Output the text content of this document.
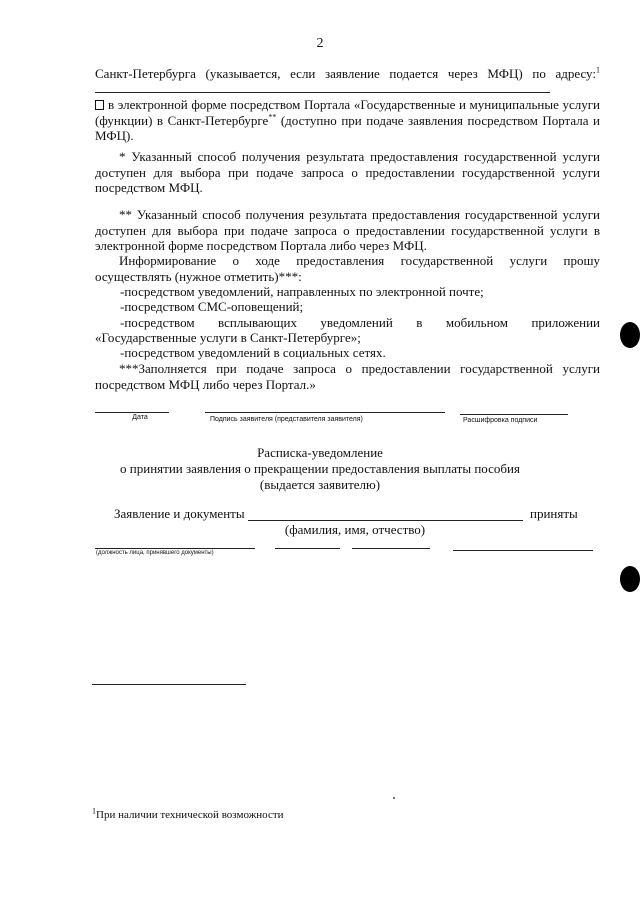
2
Санкт-Петербурга (указывается, если заявление подается через МФЦ) по адресу:$^1$
в электронной форме посредством Портала «Государственные и муниципальные услуги (функции) в Санкт-Петербурге** (доступно при подаче заявления посредством Портала и МФЦ).
* Указанный способ получения результата предоставления государственной услуги доступен для выбора при подаче запроса о предоставлении государственной услуги посредством МФЦ.
** Указанный способ получения результата предоставления государственной услуги доступен для выбора при подаче запроса о предоставлении государственной услуги в электронной форме посредством Портала либо через МФЦ.
Информирование о ходе предоставления государственной услуги прошу осуществлять (нужное отметить)***:
-посредством уведомлений, направленных по электронной почте;
-посредством СМС-оповещений;
-посредством всплывающих уведомлений в мобильном приложении
«Государственные услуги в Санкт-Петербурге»;
-посредством уведомлений в социальных сетях.
***Заполняется при подаче запроса о предоставлении государственной услуги посредством МФЦ либо через Портал.»
Дата	Подпись заявителя (представителя заявителя)	Расшифровка подписи
Расписка-уведомление
о принятии заявления о прекращении предоставления выплаты пособия
(выдается заявителю)
Заявление и документы	приняты
(фамилия, имя, отчество)
(должность лица, принявшего документы)
$^1$При наличии технической возможности
